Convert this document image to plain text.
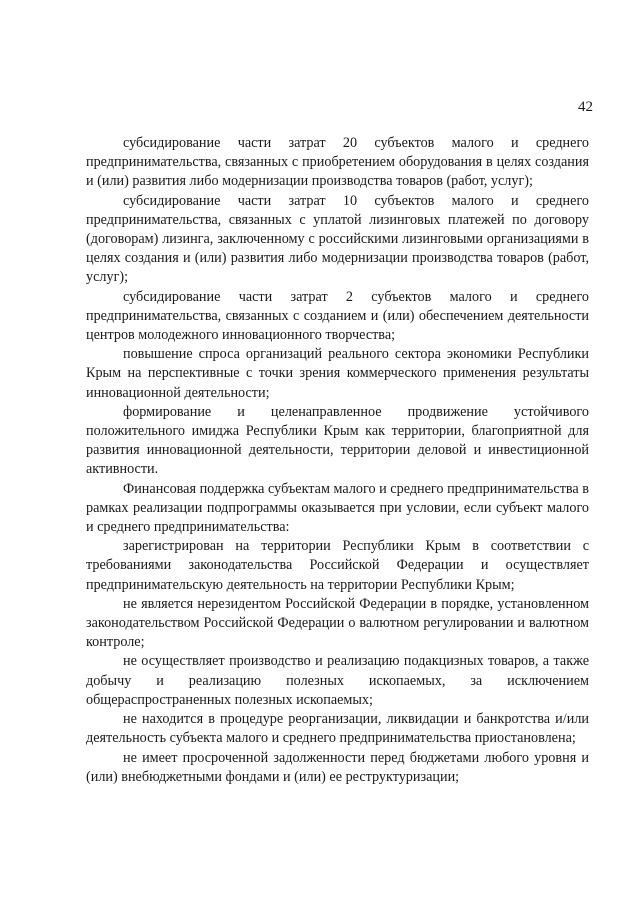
42

субсидирование части затрат 20 субъектов малого и среднего предпринимательства, связанных с приобретением оборудования в целях создания и (или) развития либо модернизации производства товаров (работ, услуг);

субсидирование части затрат 10 субъектов малого и среднего предпринимательства, связанных с уплатой лизинговых платежей по договору (договорам) лизинга, заключенному с российскими лизинговыми организациями в целях создания и (или) развития либо модернизации производства товаров (работ, услуг);

субсидирование части затрат 2 субъектов малого и среднего предпринимательства, связанных с созданием и (или) обеспечением деятельности центров молодежного инновационного творчества;

повышение спроса организаций реального сектора экономики Республики Крым на перспективные с точки зрения коммерческого применения результаты инновационной деятельности;

формирование и целенаправленное продвижение устойчивого положительного имиджа Республики Крым как территории, благоприятной для развития инновационной деятельности, территории деловой и инвестиционной активности.

Финансовая поддержка субъектам малого и среднего предпринимательства в рамках реализации подпрограммы оказывается при условии, если субъект малого и среднего предпринимательства:

зарегистрирован на территории Республики Крым в соответствии с требованиями законодательства Российской Федерации и осуществляет предпринимательскую деятельность на территории Республики Крым;

не является нерезидентом Российской Федерации в порядке, установленном законодательством Российской Федерации о валютном регулировании и валютном контроле;

не осуществляет производство и реализацию подакцизных товаров, а также добычу и реализацию полезных ископаемых, за исключением общераспространенных полезных ископаемых;

не находится в процедуре реорганизации, ликвидации и банкротства и/или деятельность субъекта малого и среднего предпринимательства приостановлена;

не имеет просроченной задолженности перед бюджетами любого уровня и (или) внебюджетными фондами и (или) ее реструктуризации;
